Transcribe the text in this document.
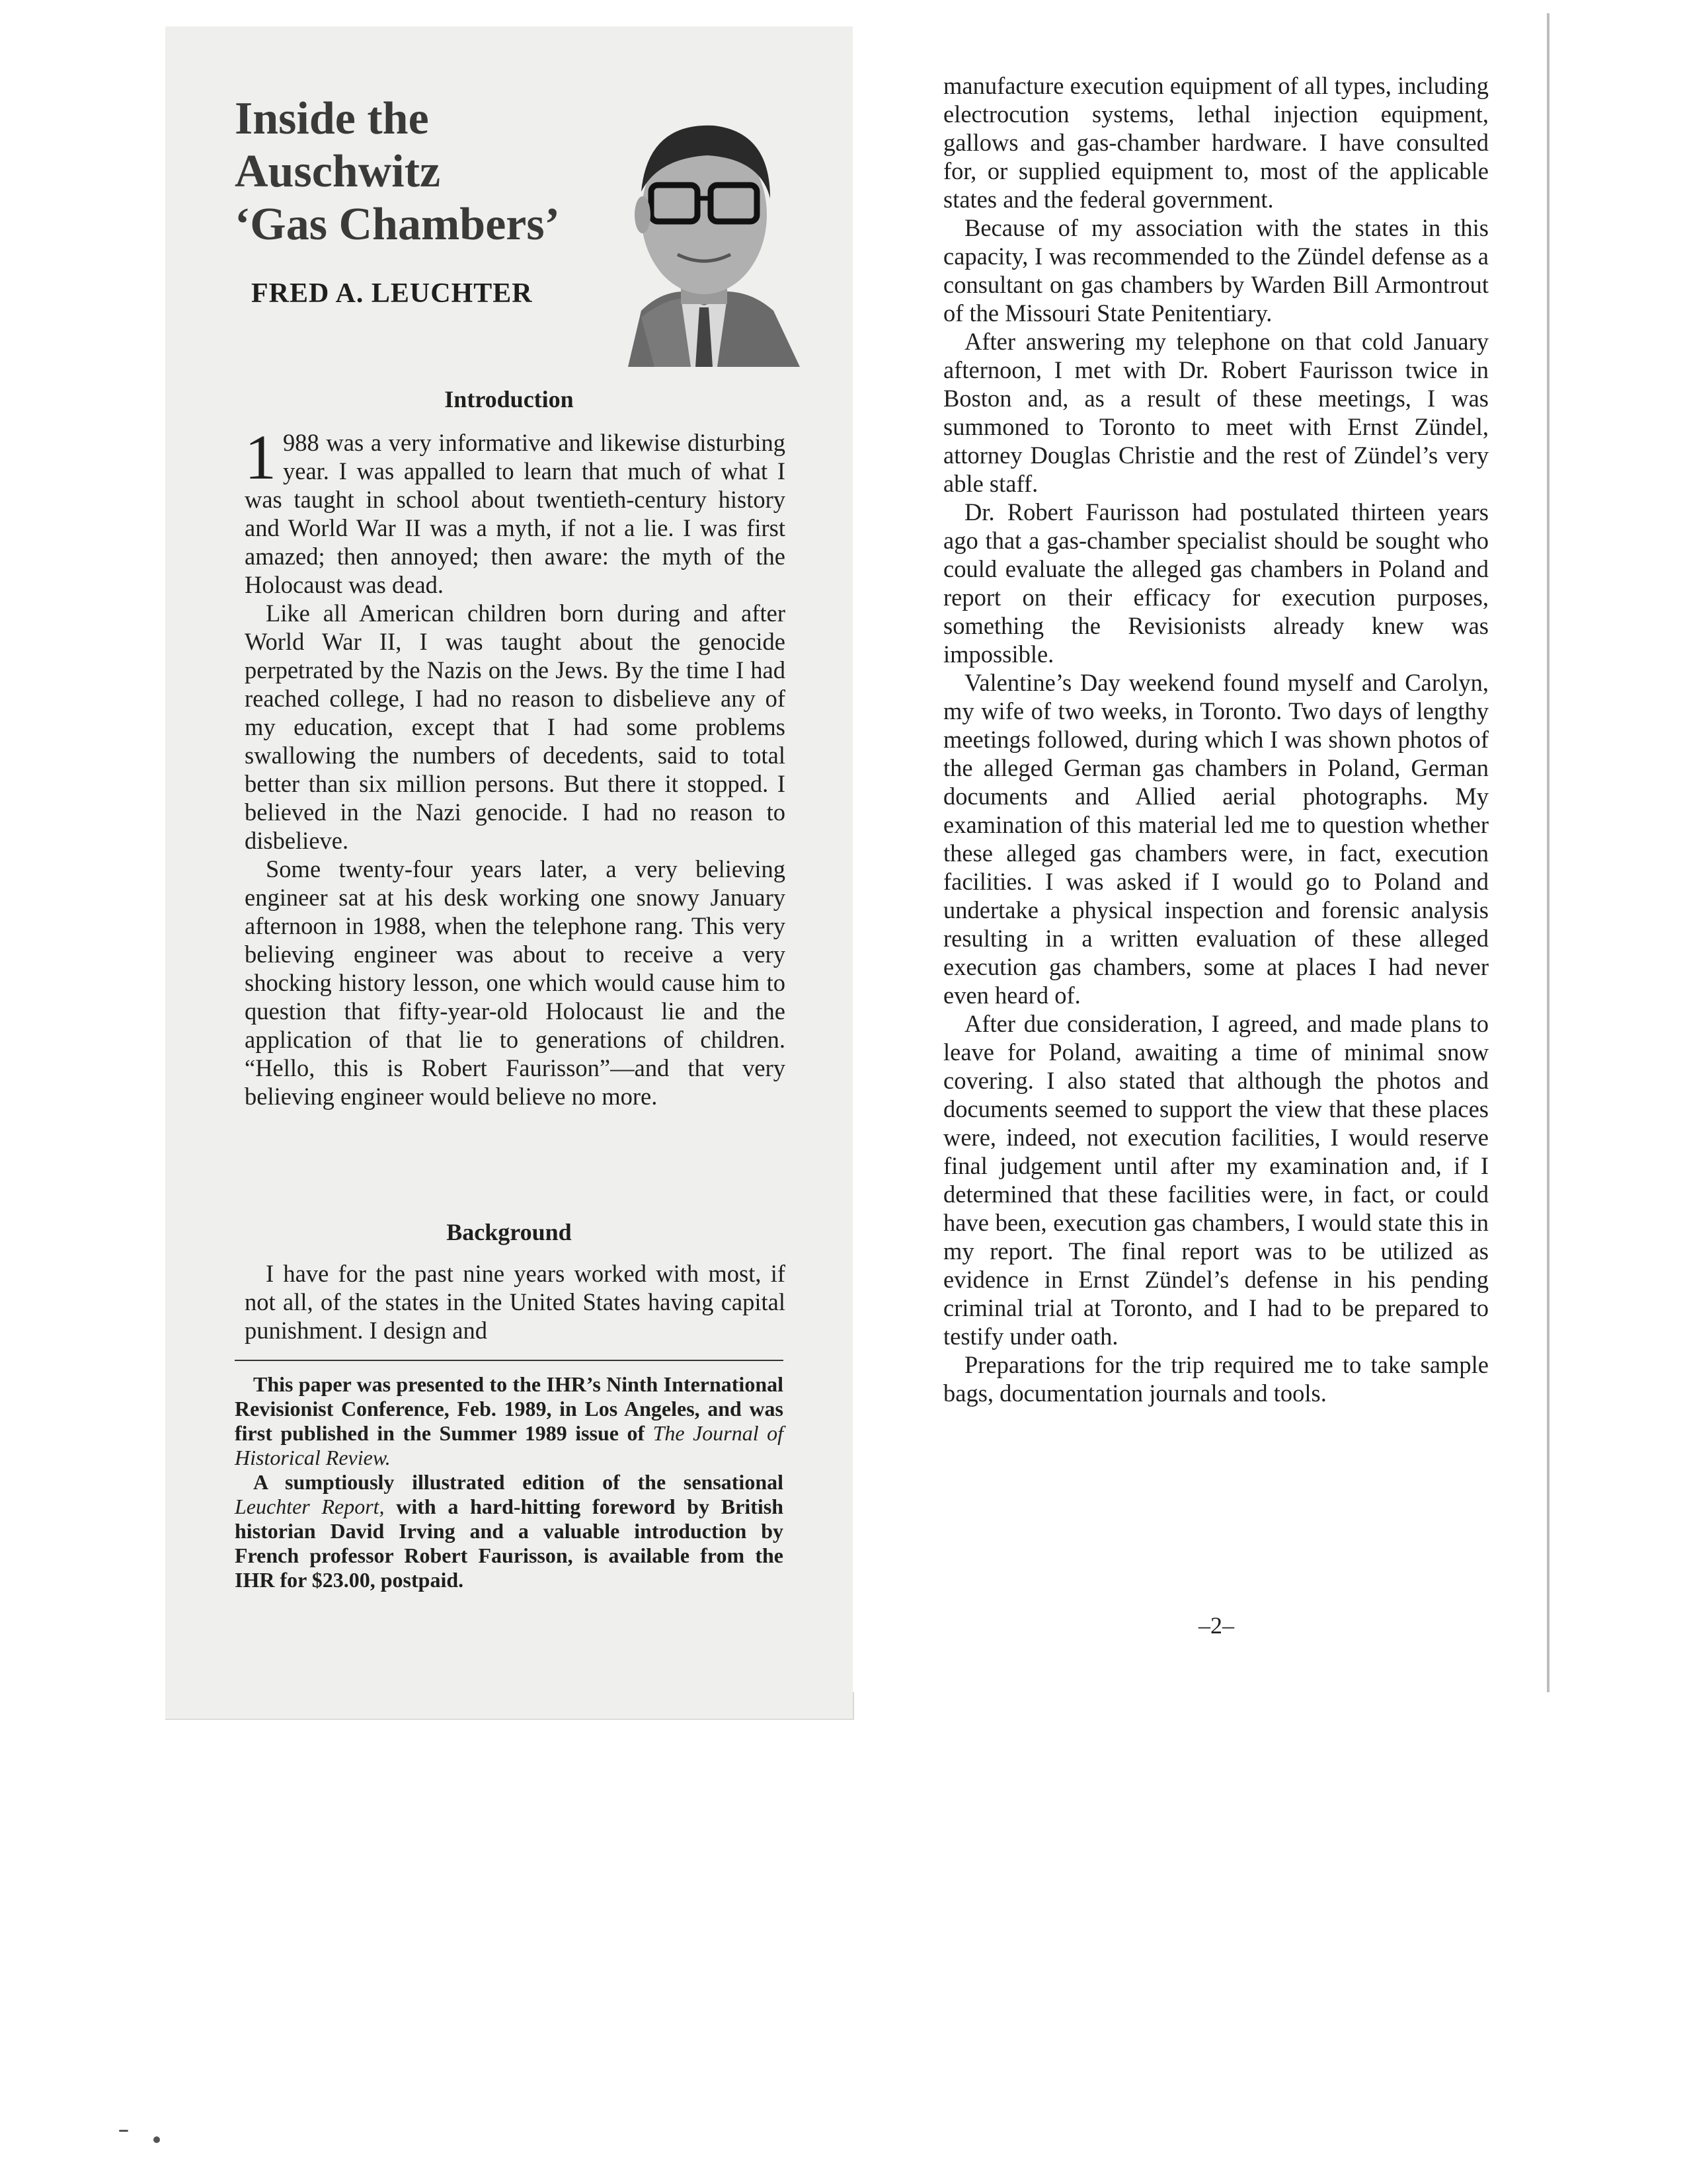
Inside the
Auschwitz
‘Gas Chambers’
FRED A. LEUCHTER
Introduction

1 988 was a very informative and likewise disturbing year. I was appalled to learn that much of what I was taught in school about twentieth-century history and World War II was a myth, if not a lie. I was first amazed; then annoyed; then aware: the myth of the Holocaust was dead.

Like all American children born during and after World War II, I was taught about the genocide perpetrated by the Nazis on the Jews. By the time I had reached college, I had no reason to disbelieve any of my education, except that I had some problems swallowing the numbers of decedents, said to total better than six million persons. But there it stopped. I believed in the Nazi genocide. I had no reason to disbelieve.

Some twenty-four years later, a very believing engineer sat at his desk working one snowy January afternoon in 1988, when the telephone rang. This very believing engineer was about to receive a very shocking history lesson, one which would cause him to question that fifty-year-old Holocaust lie and the application of that lie to generations of children. “Hello, this is Robert Faurisson”—and that very believing engineer would believe no more.

Background

I have for the past nine years worked with most, if not all, of the states in the United States having capital punishment. I design and

This paper was presented to the IHR’s Ninth International Revisionist Conference, Feb. 1989, in Los Angeles, and was first published in the Summer 1989 issue of The Journal of Historical Review.

A sumptiously illustrated edition of the sensational Leuchter Report, with a hard-hitting foreword by British historian David Irving and a valuable introduction by French professor Robert Faurisson, is available from the IHR for $23.00, postpaid.

manufacture execution equipment of all types, including electrocution systems, lethal injection equipment, gallows and gas-chamber hardware. I have consulted for, or supplied equipment to, most of the applicable states and the federal government.

Because of my association with the states in this capacity, I was recommended to the Zündel defense as a consultant on gas chambers by Warden Bill Armontrout of the Missouri State Penitentiary.

After answering my telephone on that cold January afternoon, I met with Dr. Robert Faurisson twice in Boston and, as a result of these meetings, I was summoned to Toronto to meet with Ernst Zündel, attorney Douglas Christie and the rest of Zündel’s very able staff.

Dr. Robert Faurisson had postulated thirteen years ago that a gas-chamber specialist should be sought who could evaluate the alleged gas chambers in Poland and report on their efficacy for execution purposes, something the Revisionists already knew was impossible.

Valentine’s Day weekend found myself and Carolyn, my wife of two weeks, in Toronto. Two days of lengthy meetings followed, during which I was shown photos of the alleged German gas chambers in Poland, German documents and Allied aerial photographs. My examination of this material led me to question whether these alleged gas chambers were, in fact, execution facilities. I was asked if I would go to Poland and undertake a physical inspection and forensic analysis resulting in a written evaluation of these alleged execution gas chambers, some at places I had never even heard of.

After due consideration, I agreed, and made plans to leave for Poland, awaiting a time of minimal snow covering. I also stated that although the photos and documents seemed to support the view that these places were, indeed, not execution facilities, I would reserve final judgement until after my examination and, if I determined that these facilities were, in fact, or could have been, execution gas chambers, I would state this in my report. The final report was to be utilized as evidence in Ernst Zündel’s defense in his pending criminal trial at Toronto, and I had to be prepared to testify under oath.

Preparations for the trip required me to take sample bags, documentation journals and tools.

–2–
